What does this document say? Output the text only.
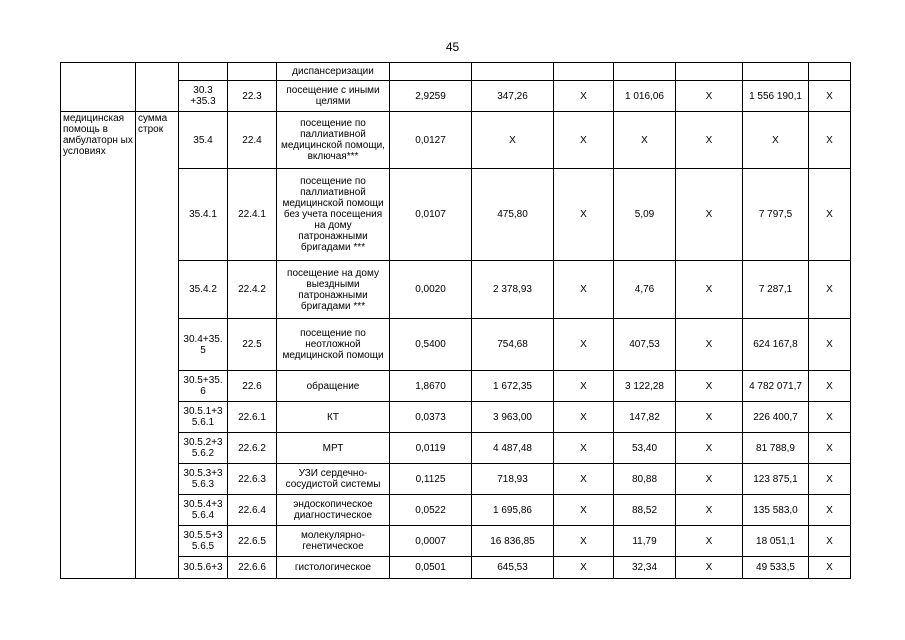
45
				диспансеризации							
		30.3 +35.3	22.3	посещение с иными целями	2,9259	347,26	Х	1 016,06	Х	1 556 190,1	Х
медицинская помощь в амбулаторн ых условиях	сумма строк	35.4	22.4	посещение по паллиативной медицинской помощи, включая***	0,0127	Х	Х	Х	Х	Х	Х
		35.4.1	22.4.1	посещение по паллиативной медицинской помощи без учета посещения на дому патронажными бригадами ***	0,0107	475,80	Х	5,09	Х	7 797,5	Х
		35.4.2	22.4.2	посещение на дому выездными патронажными бригадами ***	0,0020	2 378,93	Х	4,76	Х	7 287,1	Х
		30.4+35. 5	22.5	посещение по неотложной медицинской помощи	0,5400	754,68	Х	407,53	Х	624 167,8	Х
		30.5+35. 6	22.6	обращение	1,8670	1 672,35	Х	3 122,28	Х	4 782 071,7	Х
		30.5.1+3 5.6.1	22.6.1	КТ	0,0373	3 963,00	Х	147,82	Х	226 400,7	Х
		30.5.2+3 5.6.2	22.6.2	МРТ	0,0119	4 487,48	Х	53,40	Х	81 788,9	Х
		30.5.3+3 5.6.3	22.6.3	УЗИ сердечно-сосудистой системы	0,1125	718,93	Х	80,88	Х	123 875,1	Х
		30.5.4+3 5.6.4	22.6.4	эндоскопическое диагностическое	0,0522	1 695,86	Х	88,52	Х	135 583,0	Х
		30.5.5+3 5.6.5	22.6.5	молекулярно-генетическое	0,0007	16 836,85	Х	11,79	Х	18 051,1	Х
		30.5.6+3	22.6.6	гистологическое	0,0501	645,53	Х	32,34	Х	49 533,5	Х
